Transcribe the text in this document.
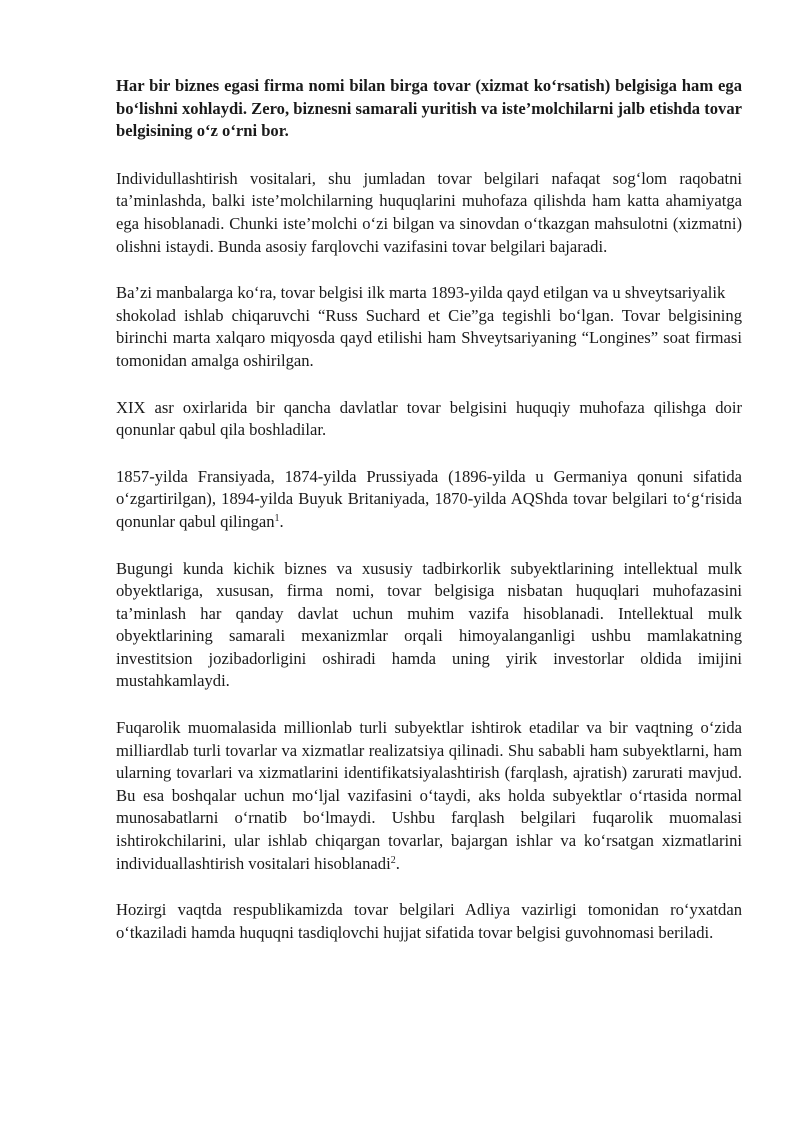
Har bir biznes egasi firma nomi bilan birga tovar (xizmat ko‘rsatish) belgisiga ham ega bo‘lishni xohlaydi. Zero, biznesni samarali yuritish va iste’molchilarni jalb etishda tovar belgisining o‘z o‘rni bor.

Individullashtirish vositalari, shu jumladan tovar belgilari nafaqat sog‘lom raqobatni ta’minlashda, balki iste’molchilarning huquqlarini muhofaza qilishda ham katta ahamiyatga ega hisoblanadi. Chunki iste’molchi o‘zi bilgan va sinovdan o‘tkazgan mahsulotni (xizmatni) olishni istaydi. Bunda asosiy farqlovchi vazifasini tovar belgilari bajaradi.

Ba’zi manbalarga ko‘ra, tovar belgisi ilk marta 1893-yilda qayd etilgan va u shveytsariyalik

shokolad ishlab chiqaruvchi “Russ Suchard et Cie”ga tegishli bo‘lgan. Tovar belgisining birinchi marta xalqaro miqyosda qayd etilishi ham Shveytsariyaning “Longines” soat firmasi tomonidan amalga oshirilgan.

XIX asr oxirlarida bir qancha davlatlar tovar belgisini huquqiy muhofaza qilishga doir qonunlar qabul qila boshladilar.

1857-yilda Fransiyada, 1874-yilda Prussiyada (1896-yilda u Germaniya qonuni sifatida o‘zgartirilgan), 1894-yilda Buyuk Britaniyada, 1870-yilda AQShda tovar belgilari to‘g‘risida qonunlar qabul qilingan$^1$.

Bugungi kunda kichik biznes va xususiy tadbirkorlik subyektlarining intellektual mulk obyektlariga, xususan, firma nomi, tovar belgisiga nisbatan huquqlari muhofazasini ta’minlash har qanday davlat uchun muhim vazifa hisoblanadi. Intellektual mulk obyektlarining samarali mexanizmlar orqali himoyalanganligi ushbu mamlakatning investitsion jozibadorligini oshiradi hamda uning yirik investorlar oldida imijini mustahkamlaydi.

Fuqarolik muomalasida millionlab turli subyektlar ishtirok etadilar va bir vaqtning o‘zida milliardlab turli tovarlar va xizmatlar realizatsiya qilinadi. Shu sababli ham subyektlarni, ham ularning tovarlari va xizmatlarini identifikatsiyalashtirish (farqlash, ajratish) zarurati mavjud. Bu esa boshqalar uchun mo‘ljal vazifasini o‘taydi, aks holda subyektlar o‘rtasida normal munosabatlarni o‘rnatib bo‘lmaydi. Ushbu farqlash belgilari fuqarolik muomalasi ishtirokchilarini, ular ishlab chiqargan tovarlar, bajargan ishlar va ko‘rsatgan xizmatlarini individuallashtirish vositalari hisoblanadi$^2$.

Hozirgi vaqtda respublikamizda tovar belgilari Adliya vazirligi tomonidan ro‘yxatdan o‘tkaziladi hamda huquqni tasdiqlovchi hujjat sifatida tovar belgisi guvohnomasi beriladi.
